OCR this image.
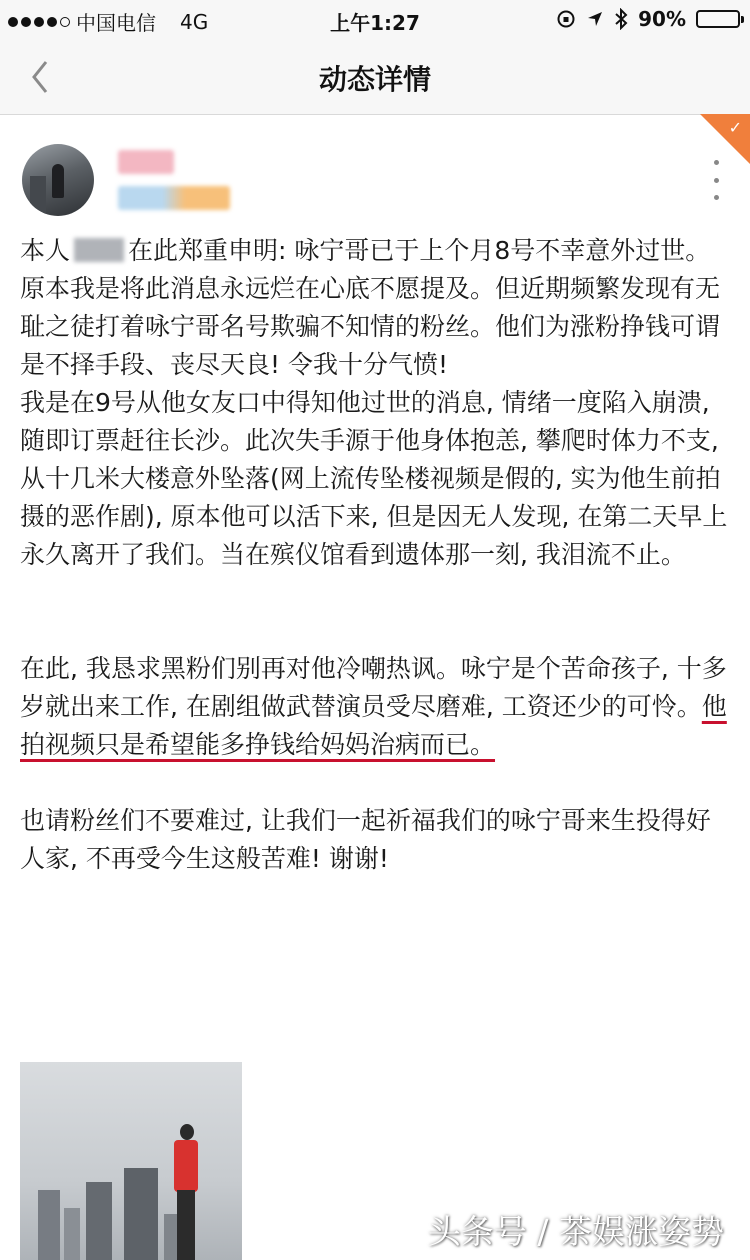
中国电信 4G	上午1:27	90%
动态详情
✓

本人 在此郑重申明: 咏宁哥已于上个月8号不幸意外过世。

原本我是将此消息永远烂在心底不愿提及。但近期频繁发现有无耻之徒打着咏宁哥名号欺骗不知情的粉丝。他们为涨粉挣钱可谓是不择手段、丧尽天良! 令我十分气愤!

我是在9号从他女友口中得知他过世的消息, 情绪一度陷入崩溃, 随即订票赶往长沙。此次失手源于他身体抱恙, 攀爬时体力不支, 从十几米大楼意外坠落(网上流传坠楼视频是假的, 实为他生前拍摄的恶作剧), 原本他可以活下来, 但是因无人发现, 在第二天早上永久离开了我们。当在殡仪馆看到遗体那一刻, 我泪流不止。

在此, 我恳求黑粉们别再对他冷嘲热讽。咏宁是个苦命孩子, 十多岁就出来工作, 在剧组做武替演员受尽磨难, 工资还少的可怜。他拍视频只是希望能多挣钱给妈妈治病而已。

也请粉丝们不要难过, 让我们一起祈福我们的咏宁哥来生投得好人家, 不再受今生这般苦难! 谢谢!

头条号 / 茶娱涨姿势
